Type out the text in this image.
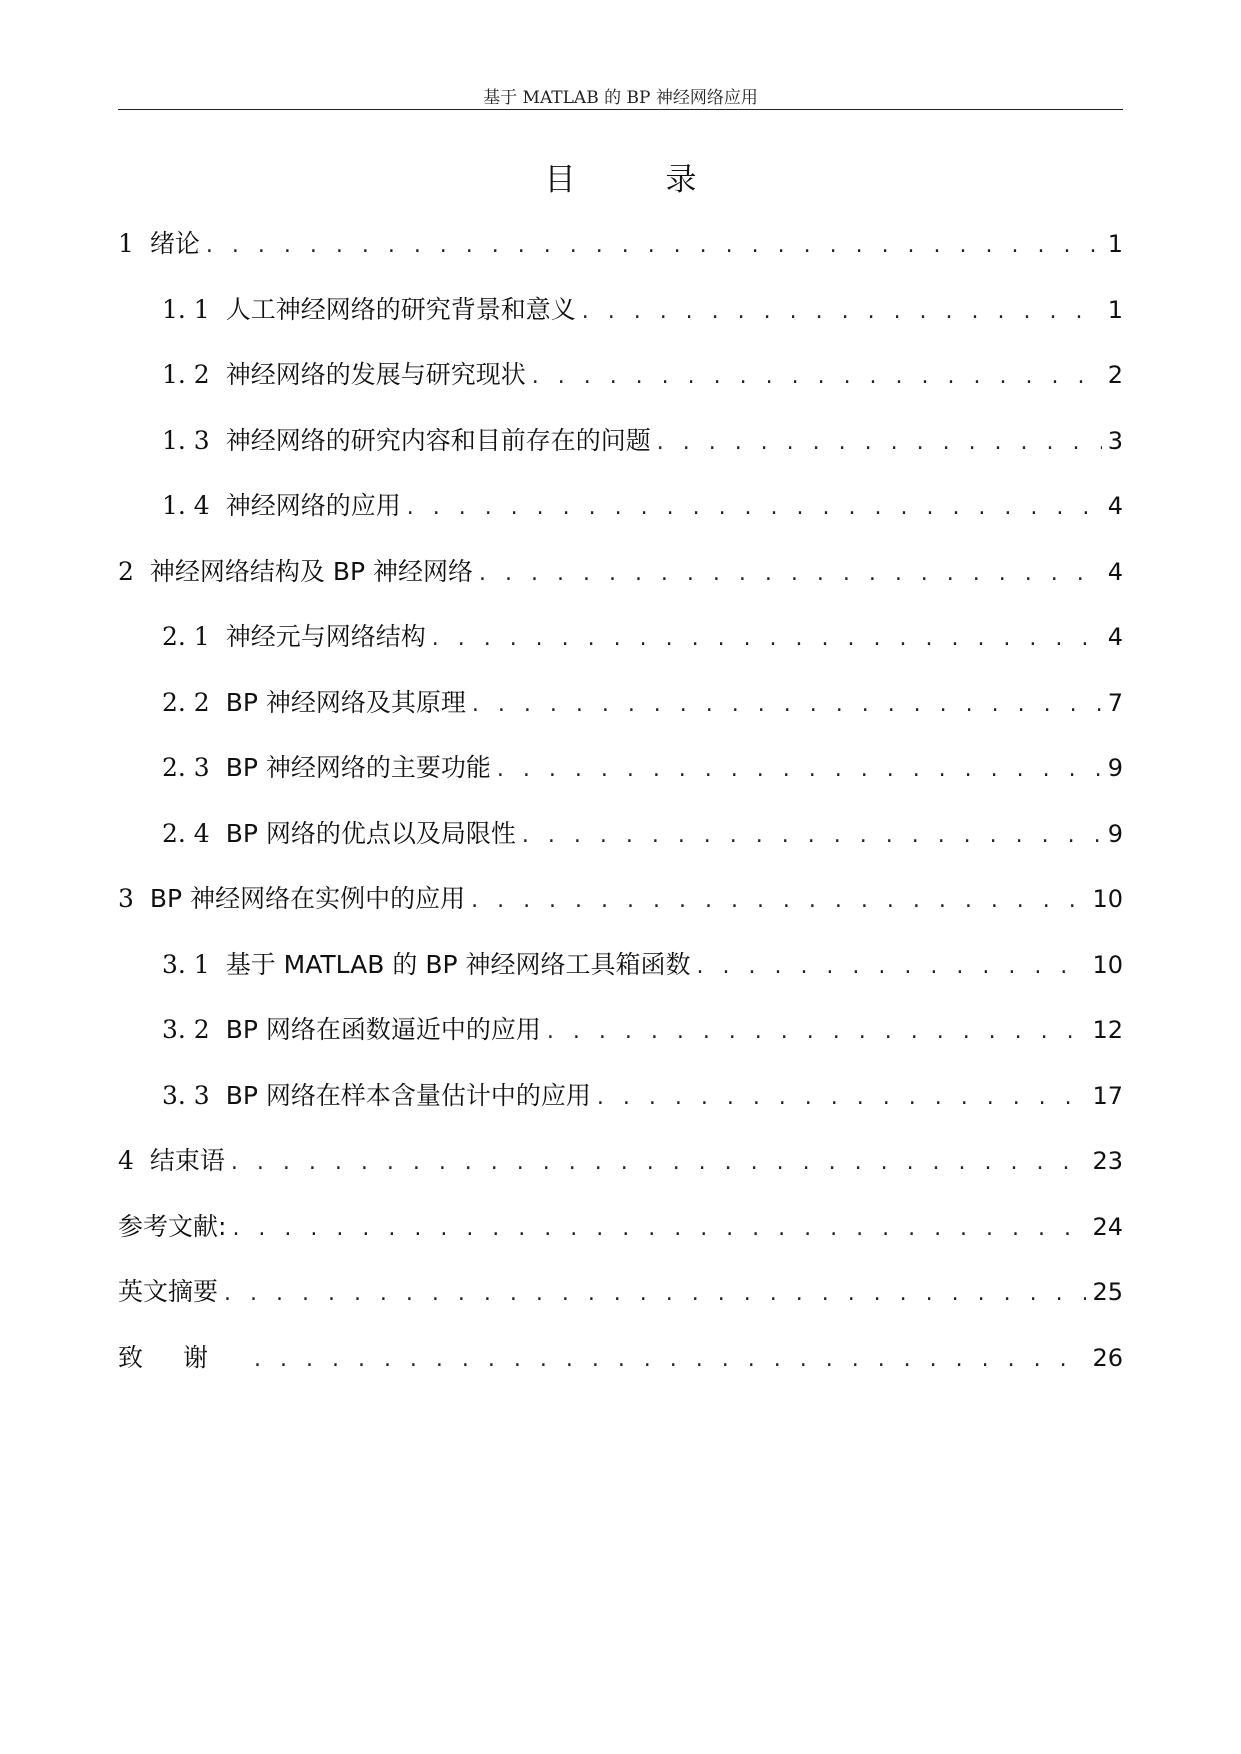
基于 MATLAB 的 BP 神经网络应用
目录
1 绪论 . . .	1
1. 1 人工神经网络的研究背景和意义 . . .	1
1. 2 神经网络的发展与研究现状 . . .	2
1. 3 神经网络的研究内容和目前存在的问题 . . .	3
1. 4 神经网络的应用 . . .	4
2 神经网络结构及 BP 神经网络 . . .	4
2. 1 神经元与网络结构 . . .	4
2. 2 BP 神经网络及其原理 . . .	7
2. 3 BP 神经网络的主要功能 . . .	9
2. 4 BP 网络的优点以及局限性 . . .	9
3 BP 神经网络在实例中的应用 . . .	10
3. 1 基于 MATLAB 的 BP 神经网络工具箱函数 . . .	10
3. 2 BP 网络在函数逼近中的应用 . . .	12
3. 3 BP 网络在样本含量估计中的应用 . . .	17
4 结束语 . . .	23
参考文献: . . .	24
英文摘要 . . .	25
致谢 . . .	26
